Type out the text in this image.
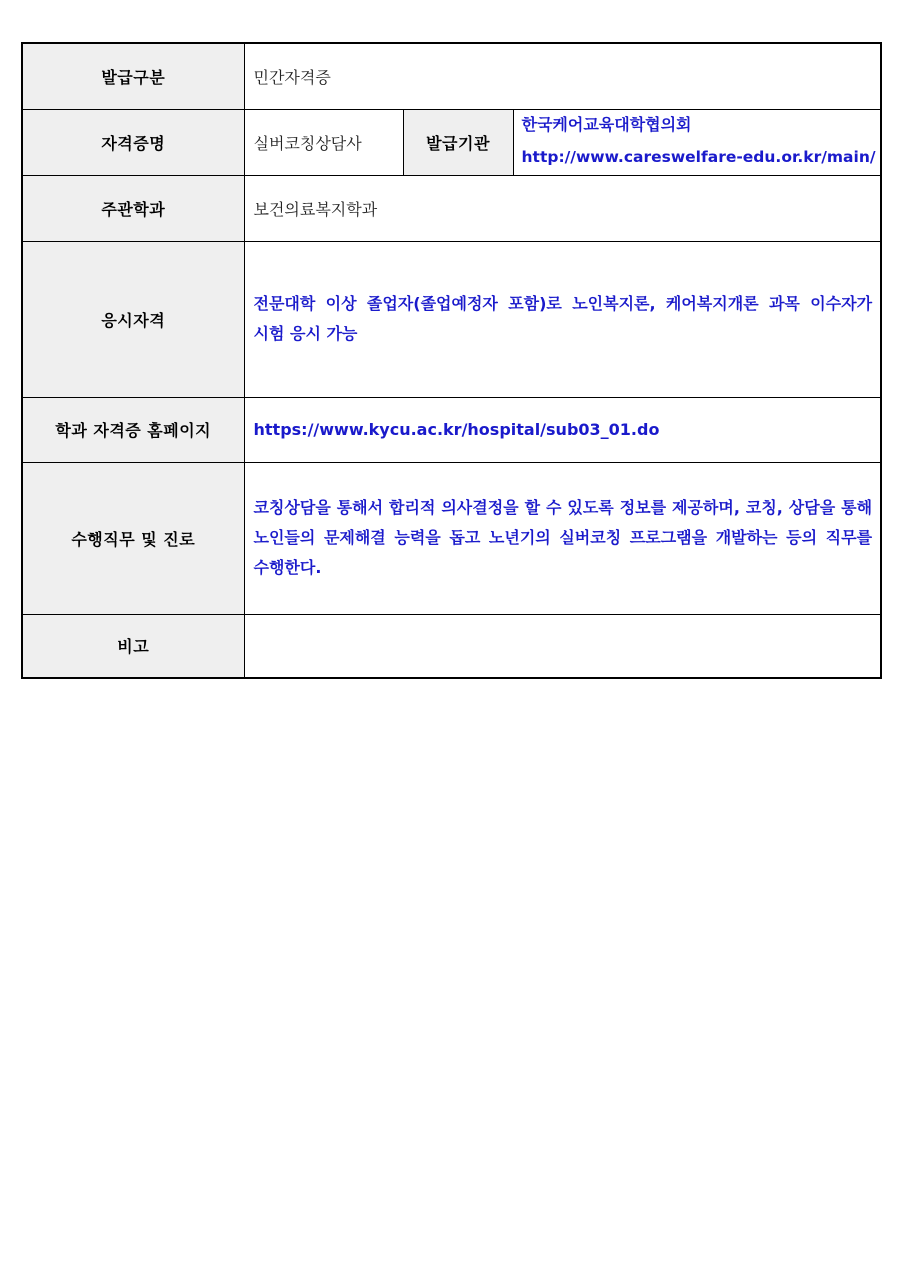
발급구분	민간자격증		
자격증명	실버코칭상담사	발급기관	한국케어교육대학협의회
http://www.careswelfare-edu.or.kr/main/

주관학과	보건의료복지학과		
응시자격	전문대학 이상 졸업자(졸업예정자 포함)로 노인복지론, 케어복지개론 과목 이수자가 시험 응시 가능		
학과 자격증 홈페이지	https://www.kycu.ac.kr/hospital/sub03_01.do		
수행직무 및 진로	코칭상담을 통해서 합리적 의사결정을 할 수 있도록 정보를 제공하며, 코칭, 상담을 통해 노인들의 문제해결 능력을 돕고 노년기의 실버코칭 프로그램을 개발하는 등의 직무를 수행한다.		
비고			
